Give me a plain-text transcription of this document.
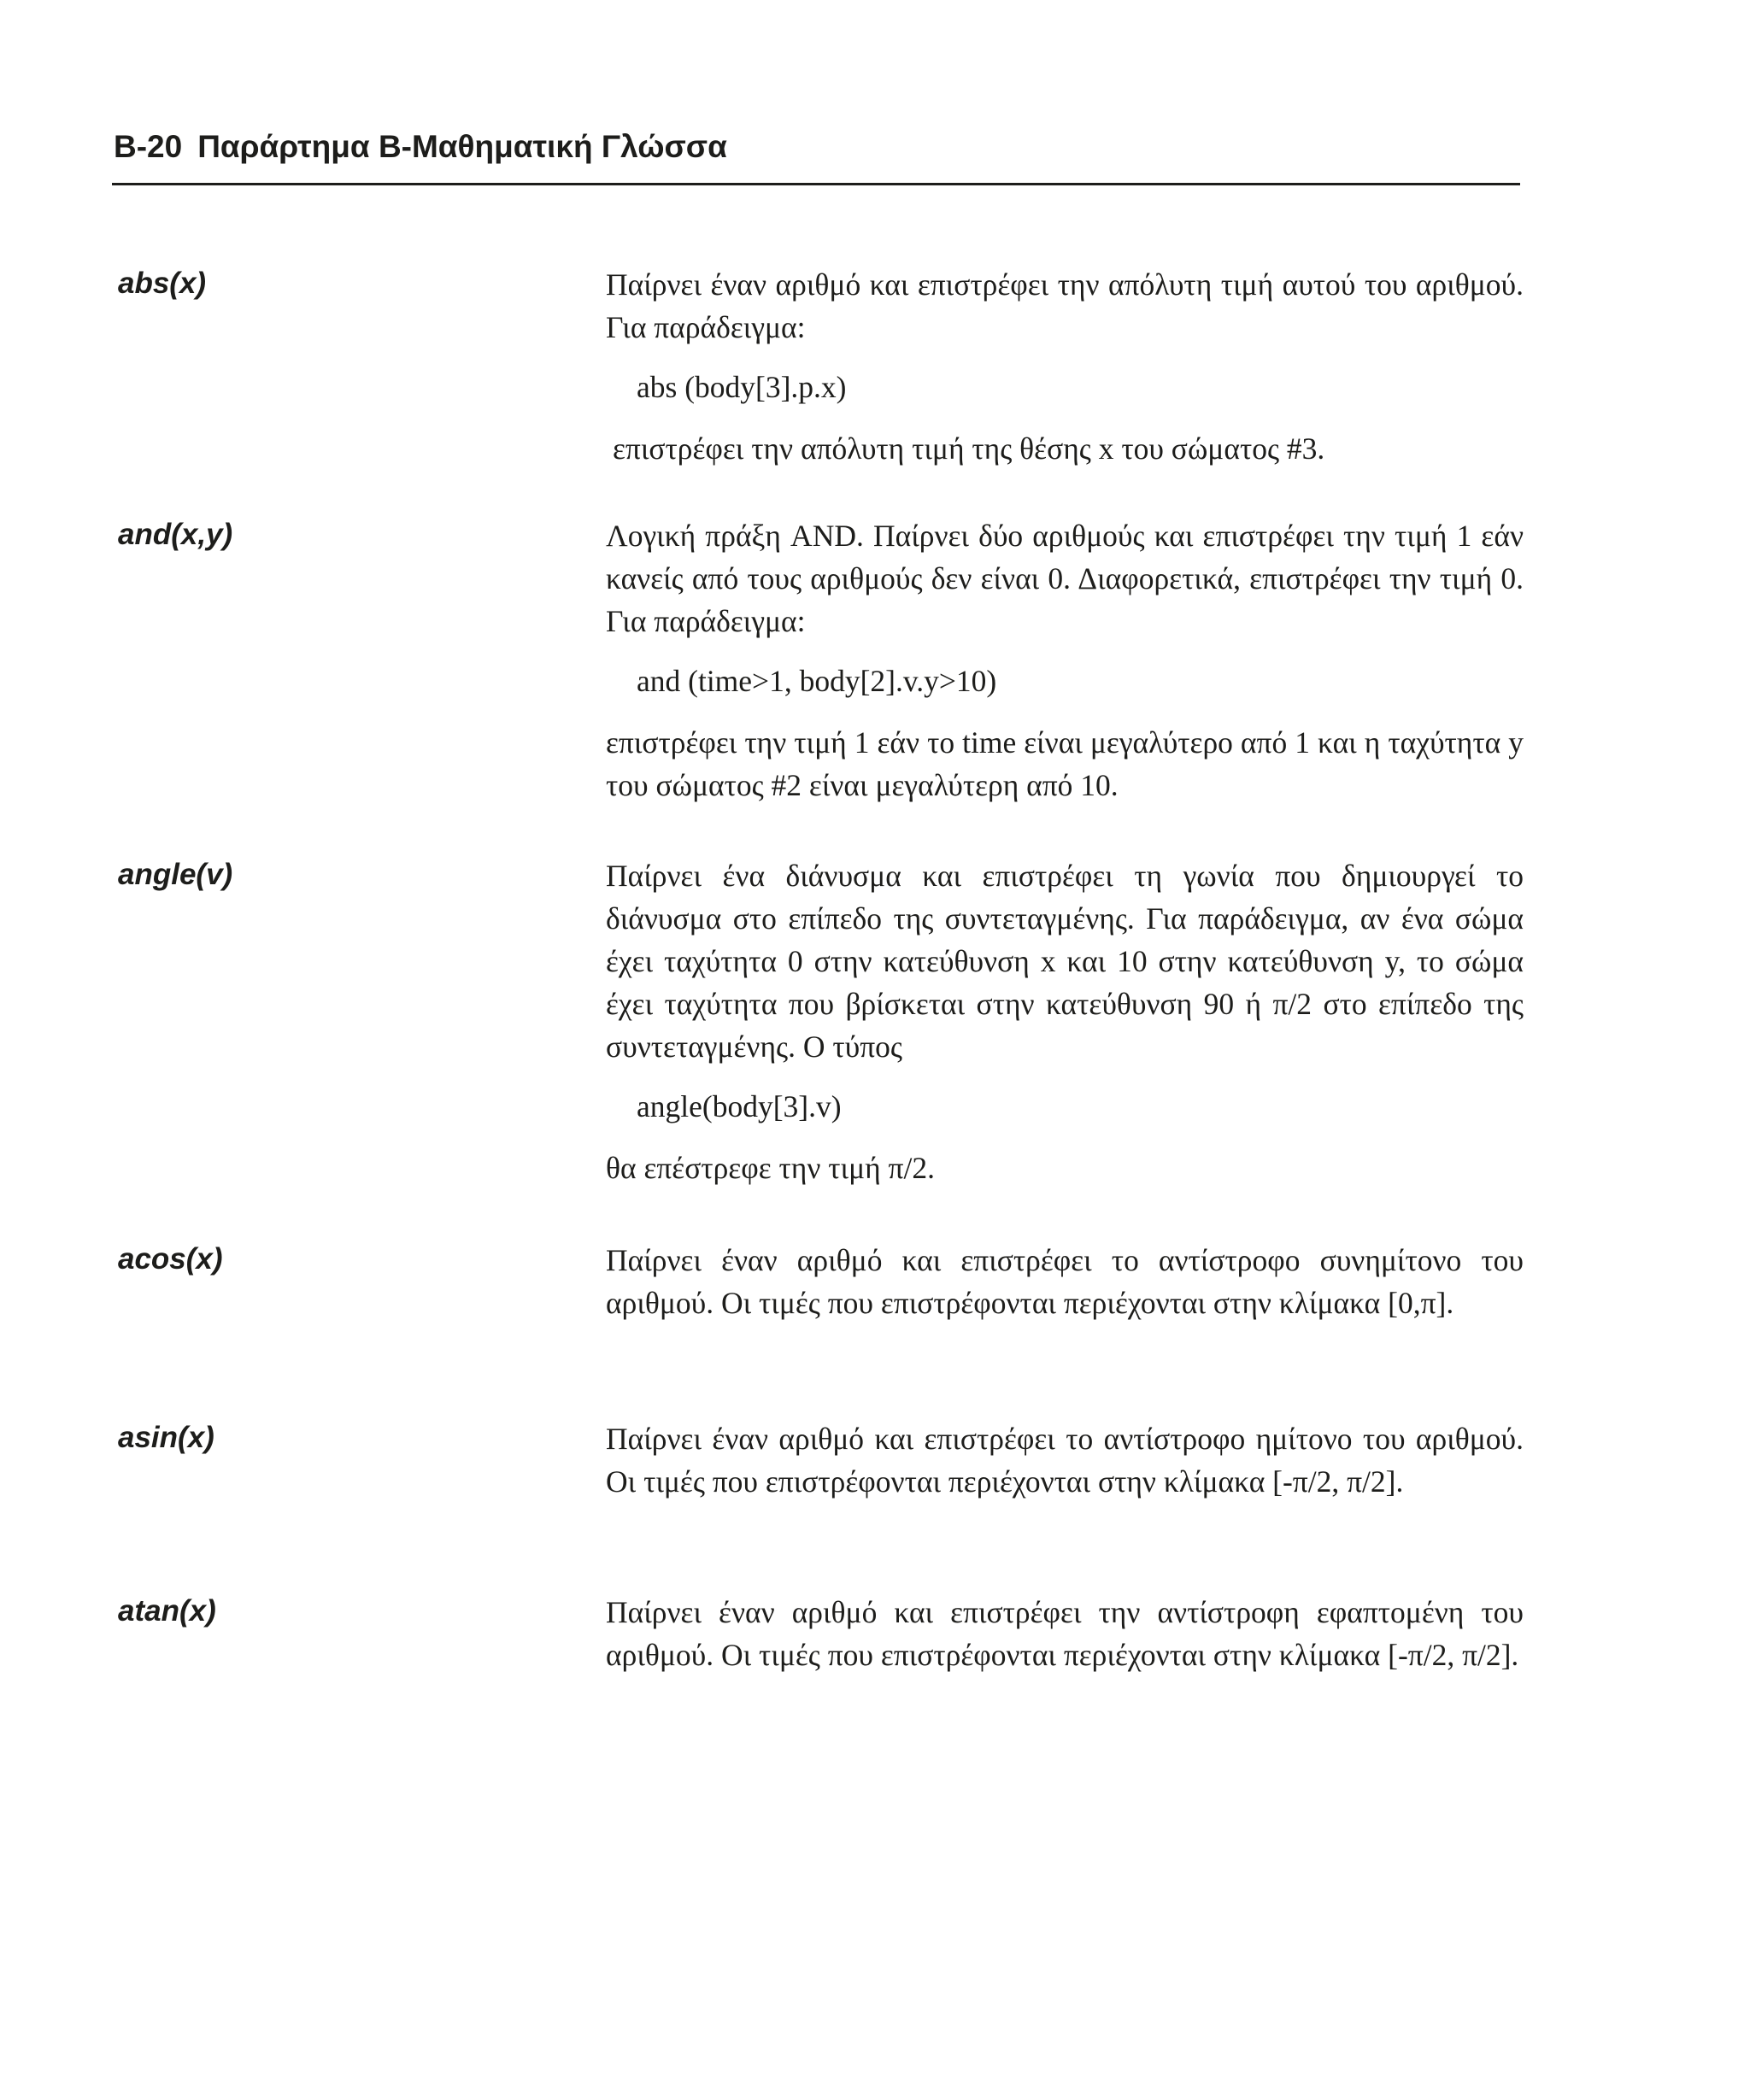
B-20 Παράρτημα B-Μαθηματική Γλώσσα
abs(x)	Παίρνει έναν αριθμό και επιστρέφει την απόλυτη τιμή αυτού του αριθμού. Για παράδειγμα:

abs (body[3].p.x)

επιστρέφει την απόλυτη τιμή της θέσης x του σώματος #3.

and(x,y)	Λογική πράξη AND. Παίρνει δύο αριθμούς και επιστρέφει την τιμή 1 εάν κανείς από τους αριθμούς δεν είναι 0. Διαφορετικά, επιστρέφει την τιμή 0. Για παράδειγμα:

and (time>1, body[2].v.y>10)

επιστρέφει την τιμή 1 εάν το time είναι μεγαλύτερο από 1 και η ταχύτητα y του σώματος #2 είναι μεγαλύτερη από 10.

angle(v)	Παίρνει ένα διάνυσμα και επιστρέφει τη γωνία που δημιουργεί το διάνυσμα στο επίπεδο της συντεταγμένης. Για παράδειγμα, αν ένα σώμα έχει ταχύτητα 0 στην κατεύθυνση x και 10 στην κατεύθυνση y, το σώμα έχει ταχύτητα που βρίσκεται στην κατεύθυνση 90 ή π/2 στο επίπεδο της συντεταγμένης. Ο τύπος

angle(body[3].v)

θα επέστρεφε την τιμή π/2.

acos(x)	Παίρνει έναν αριθμό και επιστρέφει το αντίστροφο συνημίτονο του αριθμού. Οι τιμές που επιστρέφονται περιέχονται στην κλίμακα [0,π].

asin(x)	Παίρνει έναν αριθμό και επιστρέφει το αντίστροφο ημίτονο του αριθμού. Οι τιμές που επιστρέφονται περιέχονται στην κλίμακα [-π/2, π/2].

atan(x)	Παίρνει έναν αριθμό και επιστρέφει την αντίστροφη εφαπτομένη του αριθμού. Οι τιμές που επιστρέφονται περιέχονται στην κλίμακα [-π/2, π/2].
